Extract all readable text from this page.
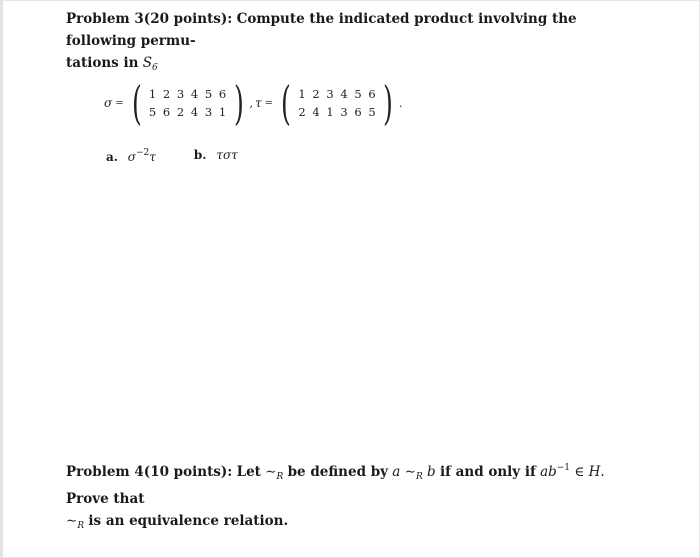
Problem 3(20 points): Compute the indicated product involving the following permu-
tations in $S_6$
σ = ( 1 2 3 4 5 6
5 6 2 4 3 1 ) , τ = ( 1 2 3 4 5 6
2 4 1 3 6 5 ) .
a. $\sigma^{-2}\tau$	b. τστ
Problem 4(10 points): Let $\sim_R$ be defined by a $\sim_R$ b if and only if $ab^{-1}$ ∈ H. Prove that
$\sim_R$ is an equivalence relation.
